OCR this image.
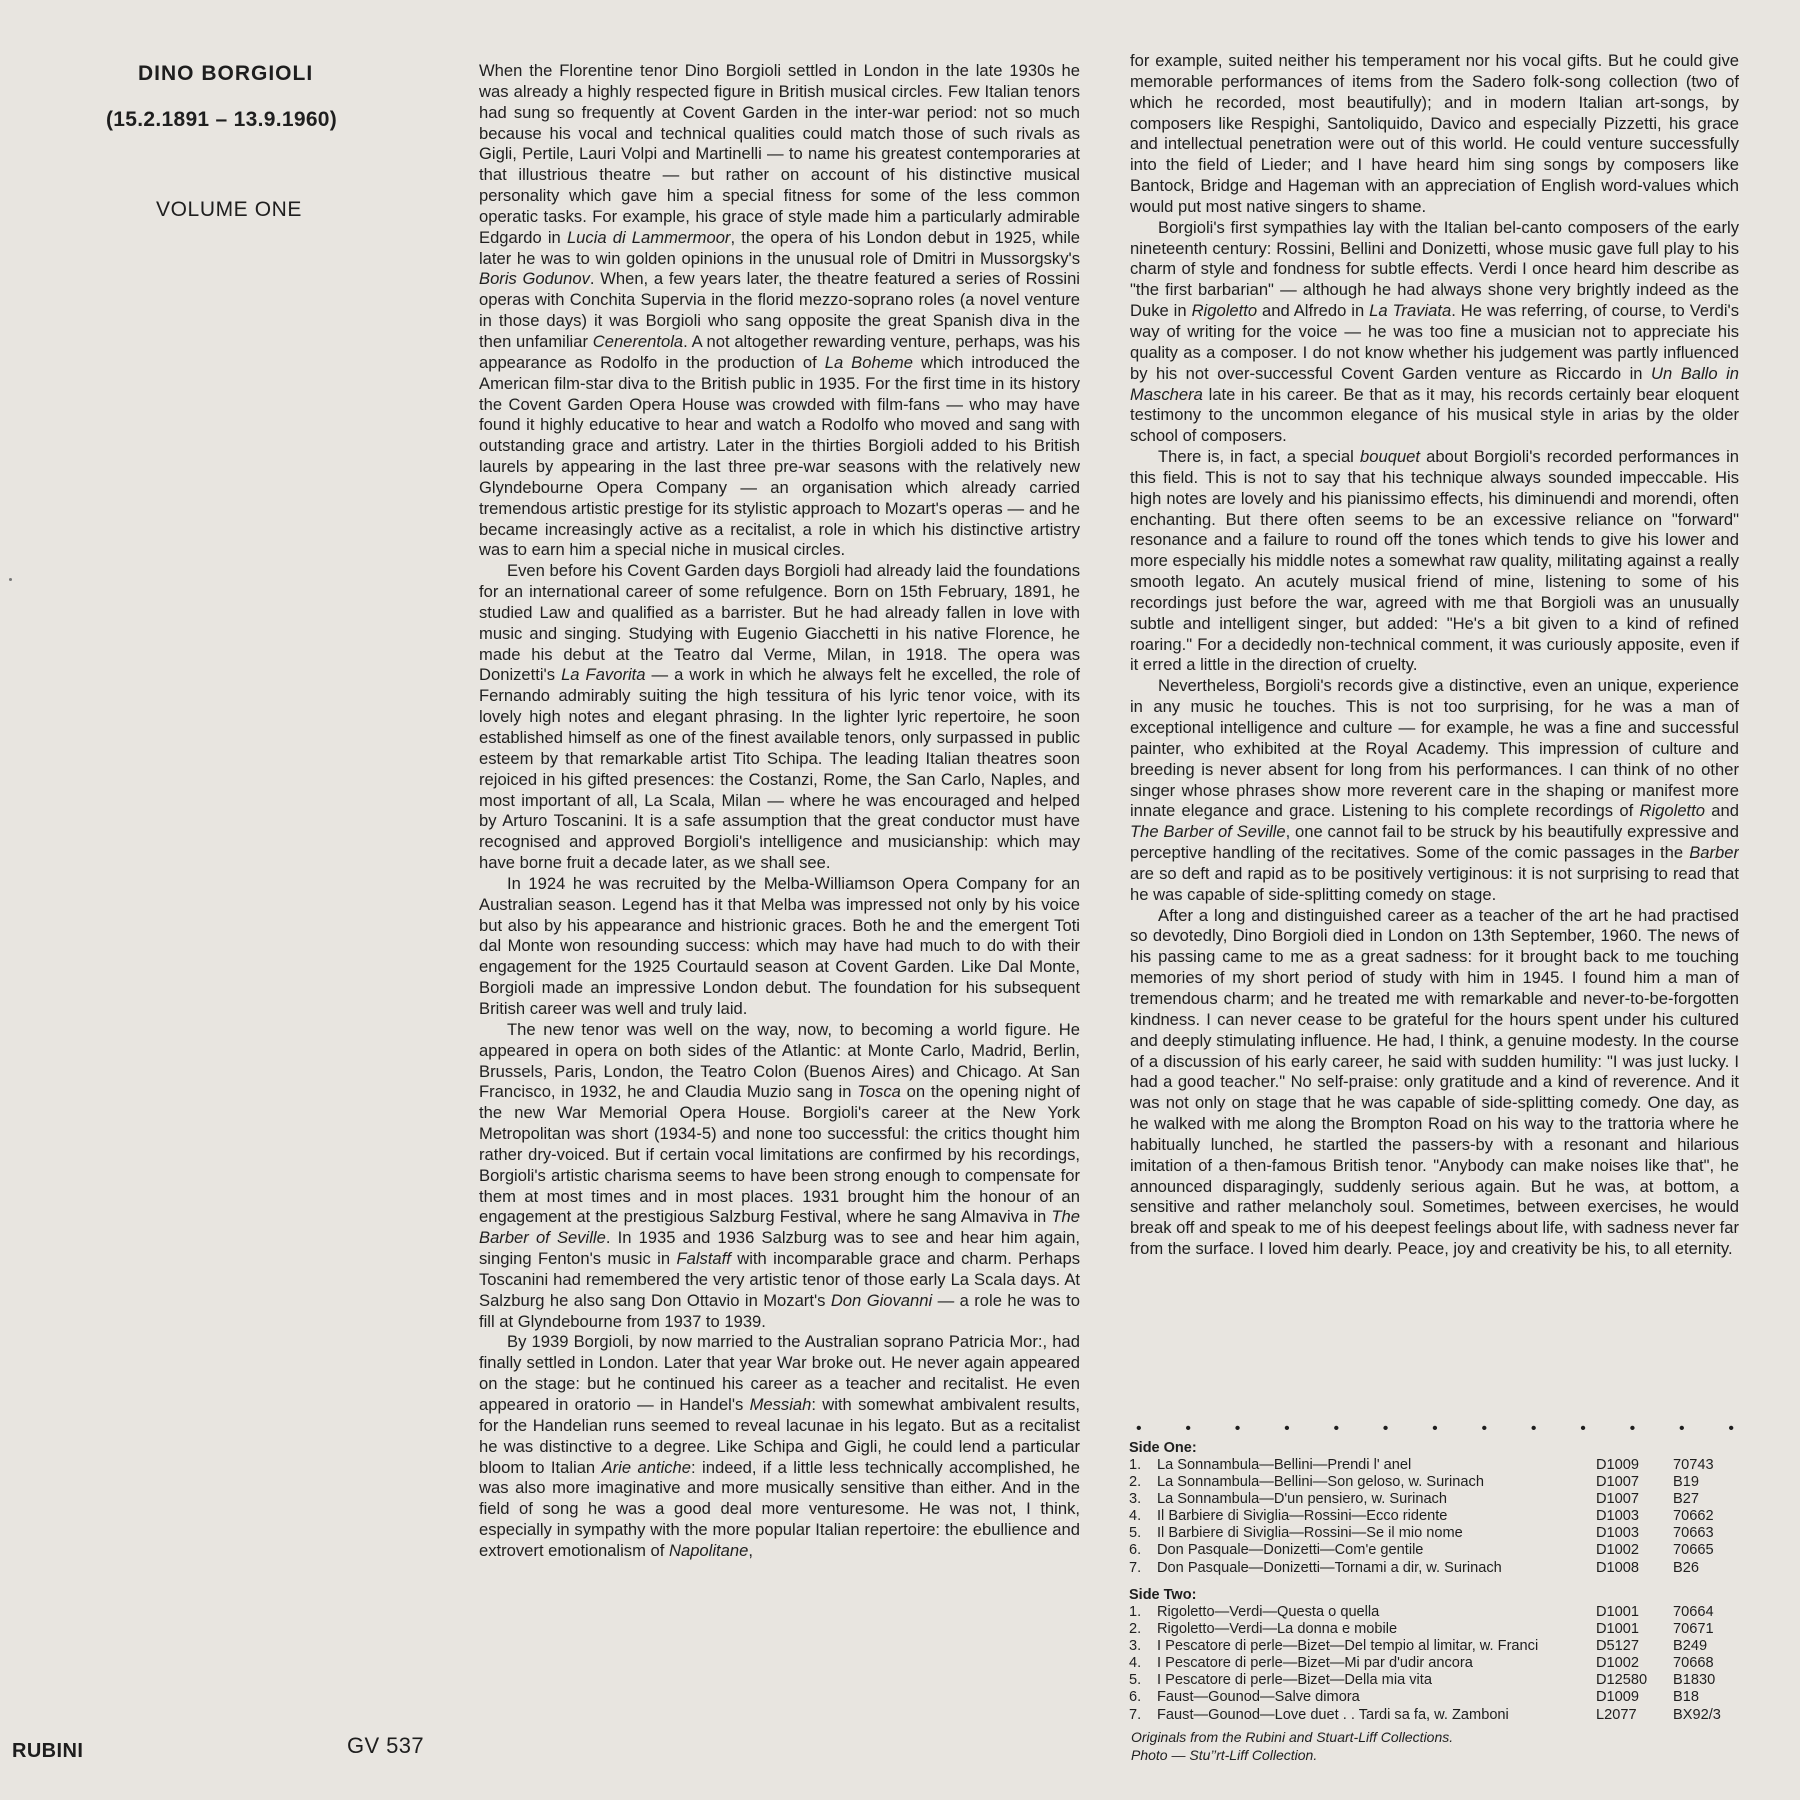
DINO BORGIOLI
(15.2.1891 – 13.9.1960)
VOLUME ONE

When the Florentine tenor Dino Borgioli settled in London in the late 1930s he was already a highly respected figure in British musical circles. Few Italian tenors had sung so frequently at Covent Garden in the inter-war period: not so much because his vocal and technical qualities could match those of such rivals as Gigli, Pertile, Lauri Volpi and Martinelli — to name his greatest contemporaries at that illustrious theatre — but rather on account of his distinctive musical personality which gave him a special fitness for some of the less common operatic tasks. For example, his grace of style made him a particularly admirable Edgardo in Lucia di Lammermoor, the opera of his London debut in 1925, while later he was to win golden opinions in the unusual role of Dmitri in Mussorgsky's Boris Godunov. When, a few years later, the theatre featured a series of Rossini operas with Conchita Supervia in the florid mezzo-soprano roles (a novel venture in those days) it was Borgioli who sang opposite the great Spanish diva in the then unfamiliar Cenerentola. A not altogether rewarding venture, perhaps, was his appearance as Rodolfo in the production of La Boheme which introduced the American film-star diva to the British public in 1935. For the first time in its history the Covent Garden Opera House was crowded with film-fans — who may have found it highly educative to hear and watch a Rodolfo who moved and sang with outstanding grace and artistry. Later in the thirties Borgioli added to his British laurels by appearing in the last three pre-war seasons with the relatively new Glyndebourne Opera Company — an organisation which already carried tremendous artistic prestige for its stylistic approach to Mozart's operas — and he became increasingly active as a recitalist, a role in which his distinctive artistry was to earn him a special niche in musical circles.

Even before his Covent Garden days Borgioli had already laid the foundations for an international career of some refulgence. Born on 15th February, 1891, he studied Law and qualified as a barrister. But he had already fallen in love with music and singing. Studying with Eugenio Giacchetti in his native Florence, he made his debut at the Teatro dal Verme, Milan, in 1918. The opera was Donizetti's La Favorita — a work in which he always felt he excelled, the role of Fernando admirably suiting the high tessitura of his lyric tenor voice, with its lovely high notes and elegant phrasing. In the lighter lyric repertoire, he soon established himself as one of the finest available tenors, only surpassed in public esteem by that remarkable artist Tito Schipa. The leading Italian theatres soon rejoiced in his gifted presences: the Costanzi, Rome, the San Carlo, Naples, and most important of all, La Scala, Milan — where he was encouraged and helped by Arturo Toscanini. It is a safe assumption that the great conductor must have recognised and approved Borgioli's intelligence and musicianship: which may have borne fruit a decade later, as we shall see.

In 1924 he was recruited by the Melba-Williamson Opera Company for an Australian season. Legend has it that Melba was impressed not only by his voice but also by his appearance and histrionic graces. Both he and the emergent Toti dal Monte won resounding success: which may have had much to do with their engagement for the 1925 Courtauld season at Covent Garden. Like Dal Monte, Borgioli made an impressive London debut. The foundation for his subsequent British career was well and truly laid.

The new tenor was well on the way, now, to becoming a world figure. He appeared in opera on both sides of the Atlantic: at Monte Carlo, Madrid, Berlin, Brussels, Paris, London, the Teatro Colon (Buenos Aires) and Chicago. At San Francisco, in 1932, he and Claudia Muzio sang in Tosca on the opening night of the new War Memorial Opera House. Borgioli's career at the New York Metropolitan was short (1934-5) and none too successful: the critics thought him rather dry-voiced. But if certain vocal limitations are confirmed by his recordings, Borgioli's artistic charisma seems to have been strong enough to compensate for them at most times and in most places. 1931 brought him the honour of an engagement at the prestigious Salzburg Festival, where he sang Almaviva in The Barber of Seville. In 1935 and 1936 Salzburg was to see and hear him again, singing Fenton's music in Falstaff with incomparable grace and charm. Perhaps Toscanini had remembered the very artistic tenor of those early La Scala days. At Salzburg he also sang Don Ottavio in Mozart's Don Giovanni — a role he was to fill at Glyndebourne from 1937 to 1939.

By 1939 Borgioli, by now married to the Australian soprano Patricia Mor:, had finally settled in London. Later that year War broke out. He never again appeared on the stage: but he continued his career as a teacher and recitalist. He even appeared in oratorio — in Handel's Messiah: with somewhat ambivalent results, for the Handelian runs seemed to reveal lacunae in his legato. But as a recitalist he was distinctive to a degree. Like Schipa and Gigli, he could lend a particular bloom to Italian Arie antiche: indeed, if a little less technically accomplished, he was also more imaginative and more musically sensitive than either. And in the field of song he was a good deal more venturesome. He was not, I think, especially in sympathy with the more popular Italian repertoire: the ebullience and extrovert emotionalism of Napolitane,

for example, suited neither his temperament nor his vocal gifts. But he could give memorable performances of items from the Sadero folk-song collection (two of which he recorded, most beautifully); and in modern Italian art-songs, by composers like Respighi, Santoliquido, Davico and especially Pizzetti, his grace and intellectual penetration were out of this world. He could venture successfully into the field of Lieder; and I have heard him sing songs by composers like Bantock, Bridge and Hageman with an appreciation of English word-values which would put most native singers to shame.

Borgioli's first sympathies lay with the Italian bel-canto composers of the early nineteenth century: Rossini, Bellini and Donizetti, whose music gave full play to his charm of style and fondness for subtle effects. Verdi I once heard him describe as "the first barbarian" — although he had always shone very brightly indeed as the Duke in Rigoletto and Alfredo in La Traviata. He was referring, of course, to Verdi's way of writing for the voice — he was too fine a musician not to appreciate his quality as a composer. I do not know whether his judgement was partly influenced by his not over-successful Covent Garden venture as Riccardo in Un Ballo in Maschera late in his career. Be that as it may, his records certainly bear eloquent testimony to the uncommon elegance of his musical style in arias by the older school of composers.

There is, in fact, a special bouquet about Borgioli's recorded performances in this field. This is not to say that his technique always sounded impeccable. His high notes are lovely and his pianissimo effects, his diminuendi and morendi, often enchanting. But there often seems to be an excessive reliance on "forward" resonance and a failure to round off the tones which tends to give his lower and more especially his middle notes a somewhat raw quality, militating against a really smooth legato. An acutely musical friend of mine, listening to some of his recordings just before the war, agreed with me that Borgioli was an unusually subtle and intelligent singer, but added: "He's a bit given to a kind of refined roaring." For a decidedly non-technical comment, it was curiously apposite, even if it erred a little in the direction of cruelty.

Nevertheless, Borgioli's records give a distinctive, even an unique, experience in any music he touches. This is not too surprising, for he was a man of exceptional intelligence and culture — for example, he was a fine and successful painter, who exhibited at the Royal Academy. This impression of culture and breeding is never absent for long from his performances. I can think of no other singer whose phrases show more reverent care in the shaping or manifest more innate elegance and grace. Listening to his complete recordings of Rigoletto and The Barber of Seville, one cannot fail to be struck by his beautifully expressive and perceptive handling of the recitatives. Some of the comic passages in the Barber are so deft and rapid as to be positively vertiginous: it is not surprising to read that he was capable of side-splitting comedy on stage.

After a long and distinguished career as a teacher of the art he had practised so devotedly, Dino Borgioli died in London on 13th September, 1960. The news of his passing came to me as a great sadness: for it brought back to me touching memories of my short period of study with him in 1945. I found him a man of tremendous charm; and he treated me with remarkable and never-to-be-forgotten kindness. I can never cease to be grateful for the hours spent under his cultured and deeply stimulating influence. He had, I think, a genuine modesty. In the course of a discussion of his early career, he said with sudden humility: "I was just lucky. I had a good teacher." No self-praise: only gratitude and a kind of reverence. And it was not only on stage that he was capable of side-splitting comedy. One day, as he walked with me along the Brompton Road on his way to the trattoria where he habitually lunched, he startled the passers-by with a resonant and hilarious imitation of a then-famous British tenor. "Anybody can make noises like that", he announced disparagingly, suddenly serious again. But he was, at bottom, a sensitive and rather melancholy soul. Sometimes, between exercises, he would break off and speak to me of his deepest feelings about life, with sadness never far from the surface. I loved him dearly. Peace, joy and creativity be his, to all eternity.

•	•	•	•	•	•	•	•	•	•	•	•	•
Side One:
1.	La Sonnambula—Bellini—Prendi l' anel	D1009	70743
2.	La Sonnambula—Bellini—Son geloso, w. Surinach	D1007	B19
3.	La Sonnambula—D'un pensiero, w. Surinach	D1007	B27
4.	Il Barbiere di Siviglia—Rossini—Ecco ridente	D1003	70662
5.	Il Barbiere di Siviglia—Rossini—Se il mio nome	D1003	70663
6.	Don Pasquale—Donizetti—Com'e gentile	D1002	70665
7.	Don Pasquale—Donizetti—Tornami a dir, w. Surinach	D1008	B26
Side Two:
1.	Rigoletto—Verdi—Questa o quella	D1001	70664
2.	Rigoletto—Verdi—La donna e mobile	D1001	70671
3.	I Pescatore di perle—Bizet—Del tempio al limitar, w. Franci	D5127	B249
4.	I Pescatore di perle—Bizet—Mi par d'udir ancora	D1002	70668
5.	I Pescatore di perle—Bizet—Della mia vita	D12580	B1830
6.	Faust—Gounod—Salve dimora	D1009	B18
7.	Faust—Gounod—Love duet . . Tardi sa fa, w. Zamboni	L2077	BX92/3
Originals from the Rubini and Stuart-Liff Collections.
Photo — Stu’’rt-Liff Collection.
RUBINI	GV 537
